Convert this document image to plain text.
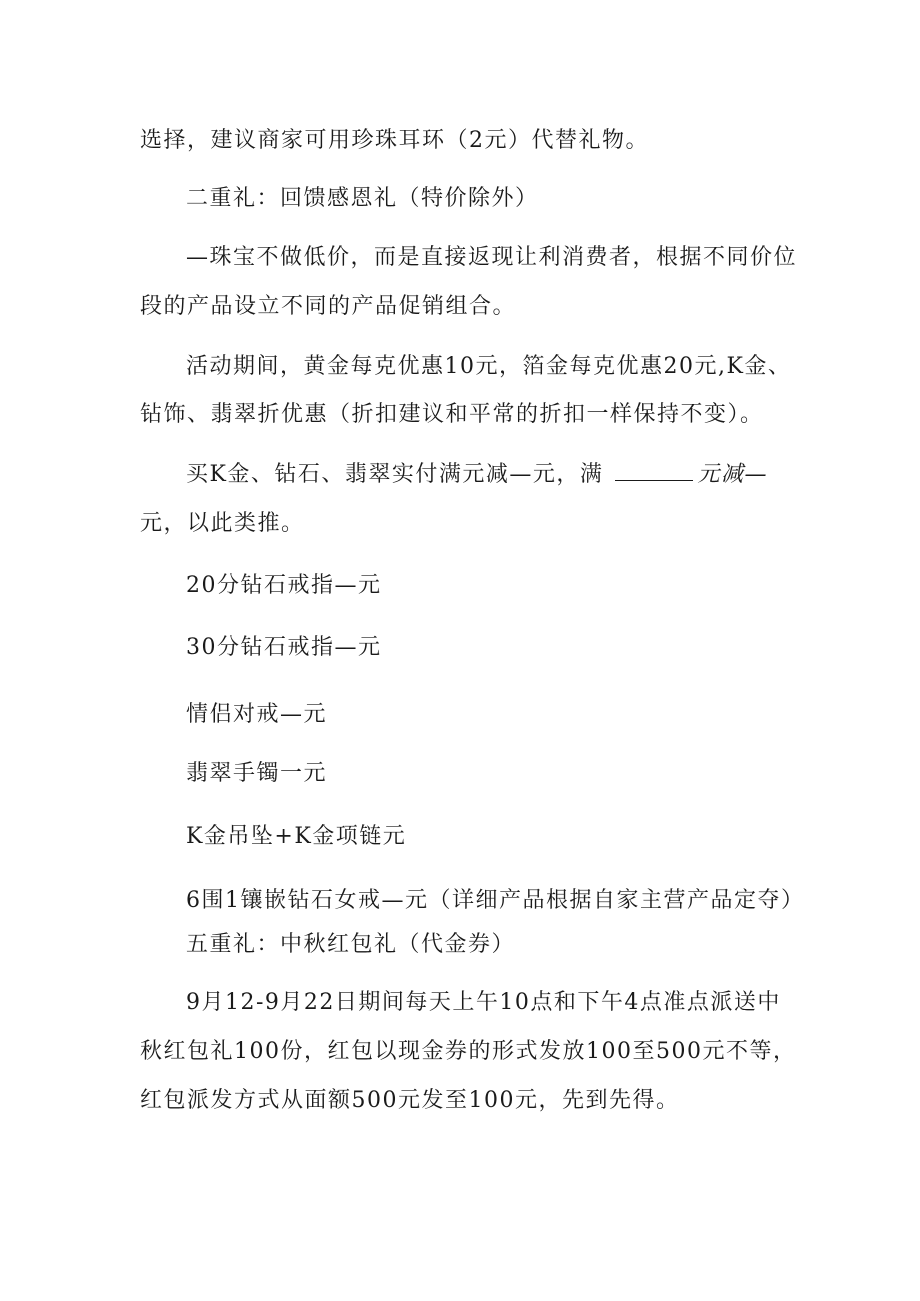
选择，建议商家可用珍珠耳环（2元）代替礼物。
二重礼：回馈感恩礼（特价除外）
—珠宝不做低价，而是直接返现让利消费者，根据不同价位
段的产品设立不同的产品促销组合。
活动期间，黄金每克优惠10元，箔金每克优惠20元,K金、
钻饰、翡翠折优惠（折扣建议和平常的折扣一样保持不变）。
买K金、钻石、翡翠实付满元减—元，满	元减—
元，以此类推。
20分钻石戒指—元
30分钻石戒指—元
情侣对戒—元
翡翠手镯一元
K金吊坠+K金项链元
6围1镶嵌钻石女戒—元（详细产品根据自家主营产品定夺）
五重礼：中秋红包礼（代金券）
9月12-9月22日期间每天上午10点和下午4点准点派送中
秋红包礼100份，红包以现金券的形式发放100至500元不等，
红包派发方式从面额500元发至100元，先到先得。
